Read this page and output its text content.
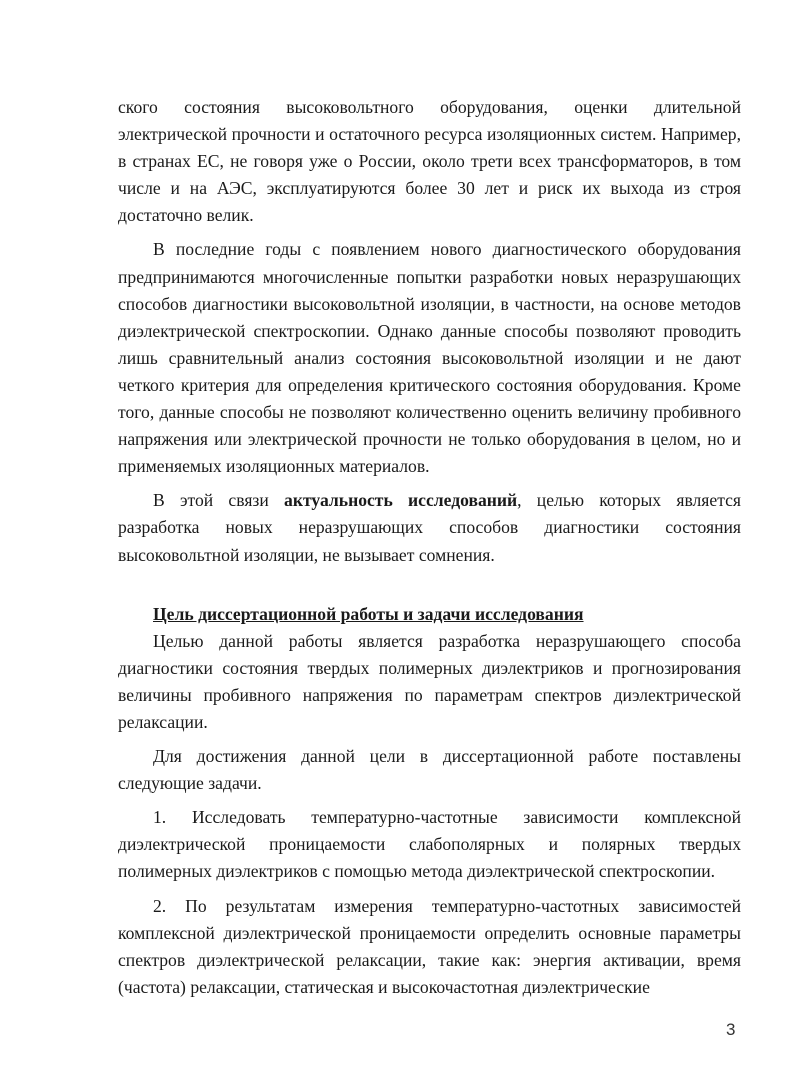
ского состояния высоковольтного оборудования, оценки длительной электрической прочности и остаточного ресурса изоляционных систем. Например, в странах ЕС, не говоря уже о России, около трети всех трансформаторов, в том числе и на АЭС, эксплуатируются более 30 лет и риск их выхода из строя достаточно велик.

В последние годы с появлением нового диагностического оборудования предпринимаются многочисленные попытки разработки новых неразрушающих способов диагностики высоковольтной изоляции, в частности, на основе методов диэлектрической спектроскопии. Однако данные способы позволяют проводить лишь сравнительный анализ состояния высоковольтной изоляции и не дают четкого критерия для определения критического состояния оборудования. Кроме того, данные способы не позволяют количественно оценить величину пробивного напряжения или электрической прочности не только оборудования в целом, но и применяемых изоляционных материалов.

В этой связи актуальность исследований, целью которых является разработка новых неразрушающих способов диагностики состояния высоковольтной изоляции, не вызывает сомнения.

Цель диссертационной работы и задачи исследования

Целью данной работы является разработка неразрушающего способа диагностики состояния твердых полимерных диэлектриков и прогнозирования величины пробивного напряжения по параметрам спектров диэлектрической релаксации.

Для достижения данной цели в диссертационной работе поставлены следующие задачи.

1. Исследовать температурно-частотные зависимости комплексной диэлектрической проницаемости слабополярных и полярных твердых полимерных диэлектриков с помощью метода диэлектрической спектроскопии.

2. По результатам измерения температурно-частотных зависимостей комплексной диэлектрической проницаемости определить основные параметры спектров диэлектрической релаксации, такие как: энергия активации, время (частота) релаксации, статическая и высокочастотная диэлектрические

3
